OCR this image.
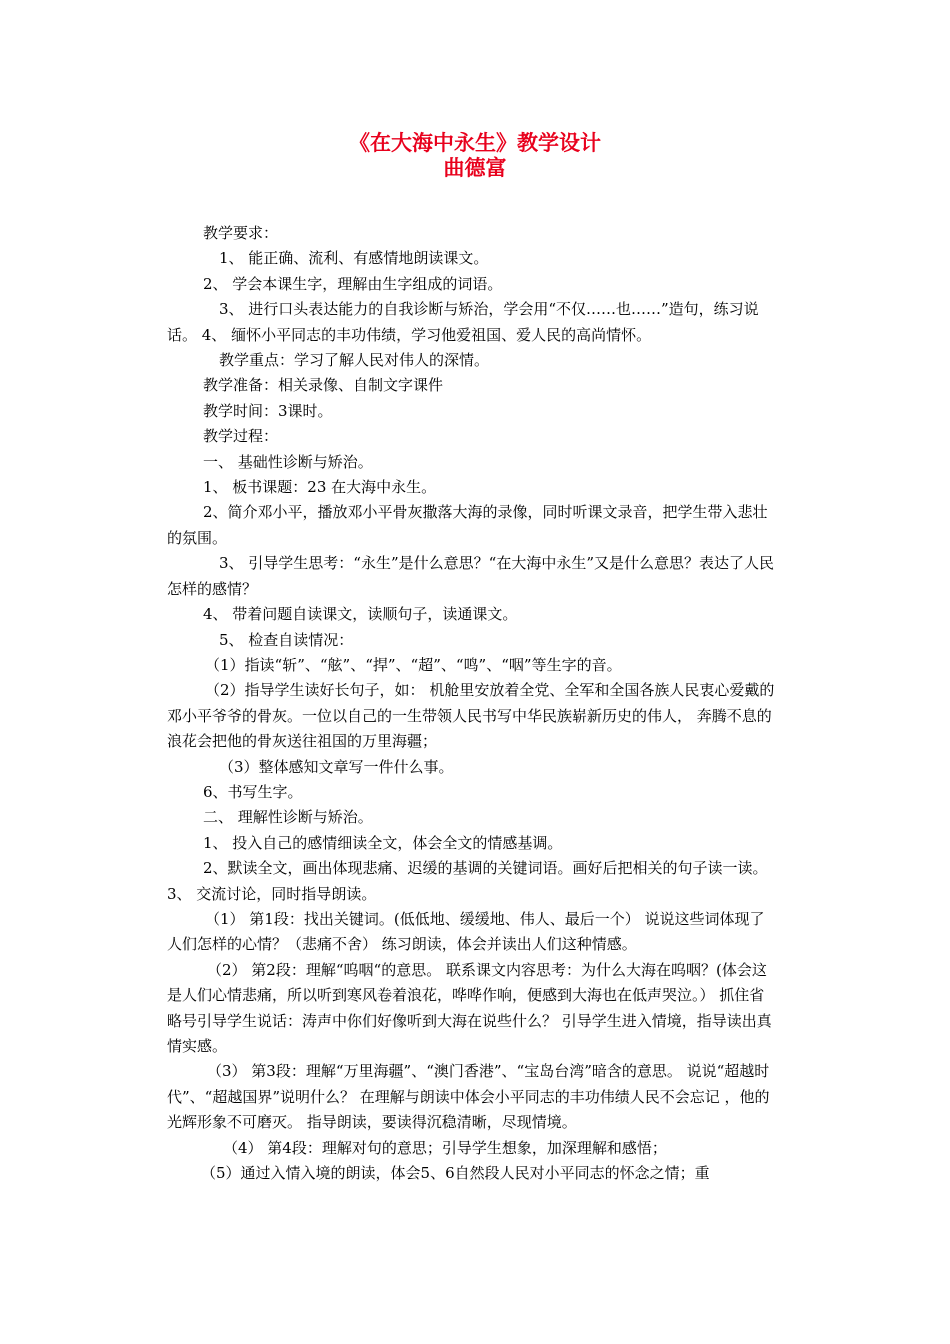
《在大海中永生》教学设计
曲德富

教学要求：

1、 能正确、流利、有感情地朗读课文。

2、 学会本课生字，理解由生字组成的词语。

3、 进行口头表达能力的自我诊断与矫治，学会用“不仅……也……”造句，练习说话。 4、 缅怀小平同志的丰功伟绩，学习他爱祖国、爱人民的高尚情怀。

教学重点：学习了解人民对伟人的深情。

教学准备：相关录像、自制文字课件

教学时间：3课时。

教学过程：

一、 基础性诊断与矫治。

1、 板书课题：23 在大海中永生。

2、简介邓小平，播放邓小平骨灰撒落大海的录像，同时听课文录音，把学生带入悲壮的氛围。

3、 引导学生思考：“永生”是什么意思？“在大海中永生”又是什么意思？表达了人民怎样的感情？

4、 带着问题自读课文，读顺句子，读通课文。

5、 检查自读情况：

（1）指读“斩”、“舷”、“捍”、“超”、“鸣”、“咽”等生字的音。

（2）指导学生读好长句子，如： 机舱里安放着全党、全军和全国各族人民衷心爱戴的邓小平爷爷的骨灰。一位以自己的一生带领人民书写中华民族崭新历史的伟人， 奔腾不息的浪花会把他的骨灰送往祖国的万里海疆；

（3）整体感知文章写一件什么事。

6、书写生字。

二、 理解性诊断与矫治。

1、 投入自己的感情细读全文，体会全文的情感基调。

2、默读全文，画出体现悲痛、迟缓的基调的关键词语。画好后把相关的句子读一读。 3、 交流讨论，同时指导朗读。

（1） 第1段：找出关键词。(低低地、缓缓地、伟人、最后一个） 说说这些词体现了人们怎样的心情？（悲痛不舍） 练习朗读，体会并读出人们这种情感。

（2） 第2段：理解“呜咽“的意思。 联系课文内容思考：为什么大海在呜咽？(体会这是人们心情悲痛，所以听到寒风卷着浪花，哗哗作响，便感到大海也在低声哭泣。） 抓住省略号引导学生说话：涛声中你们好像听到大海在说些什么？ 引导学生进入情境，指导读出真情实感。

（3） 第3段：理解“万里海疆”、“澳门香港”、“宝岛台湾”暗含的意思。 说说“超越时代”、“超越国界”说明什么？ 在理解与朗读中体会小平同志的丰功伟绩人民不会忘记 ，他的光辉形象不可磨灭。 指导朗读，要读得沉稳清晰，尽现情境。

（4） 第4段：理解对句的意思；引导学生想象，加深理解和感悟；

（5）通过入情入境的朗读，体会5、6自然段人民对小平同志的怀念之情；重
